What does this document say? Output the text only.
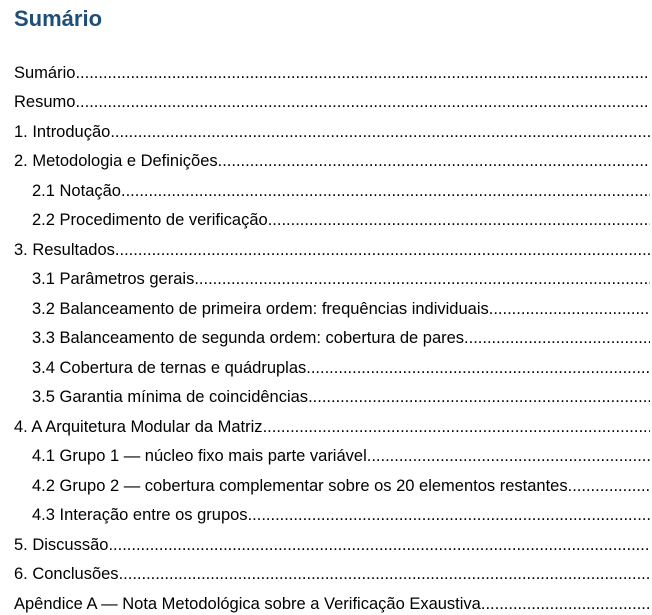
Sumário
Sumário
.....
Resumo
.....
1. Introdução
.....
2. Metodologia e Definições
.....
2.1 Notação
.....
2.2 Procedimento de verificação
.....
3. Resultados
.....
3.1 Parâmetros gerais
.....
3.2 Balanceamento de primeira ordem: frequências individuais
.....
3.3 Balanceamento de segunda ordem: cobertura de pares
.....
3.4 Cobertura de ternas e quádruplas
.....
3.5 Garantia mínima de coincidências
.....
4. A Arquitetura Modular da Matriz
.....
4.1 Grupo 1 — núcleo fixo mais parte variável
.....
4.2 Grupo 2 — cobertura complementar sobre os 20 elementos restantes
.....
4.3 Interação entre os grupos
.....
5. Discussão
.....
6. Conclusões
.....
Apêndice A — Nota Metodológica sobre a Verificação Exaustiva
.....
